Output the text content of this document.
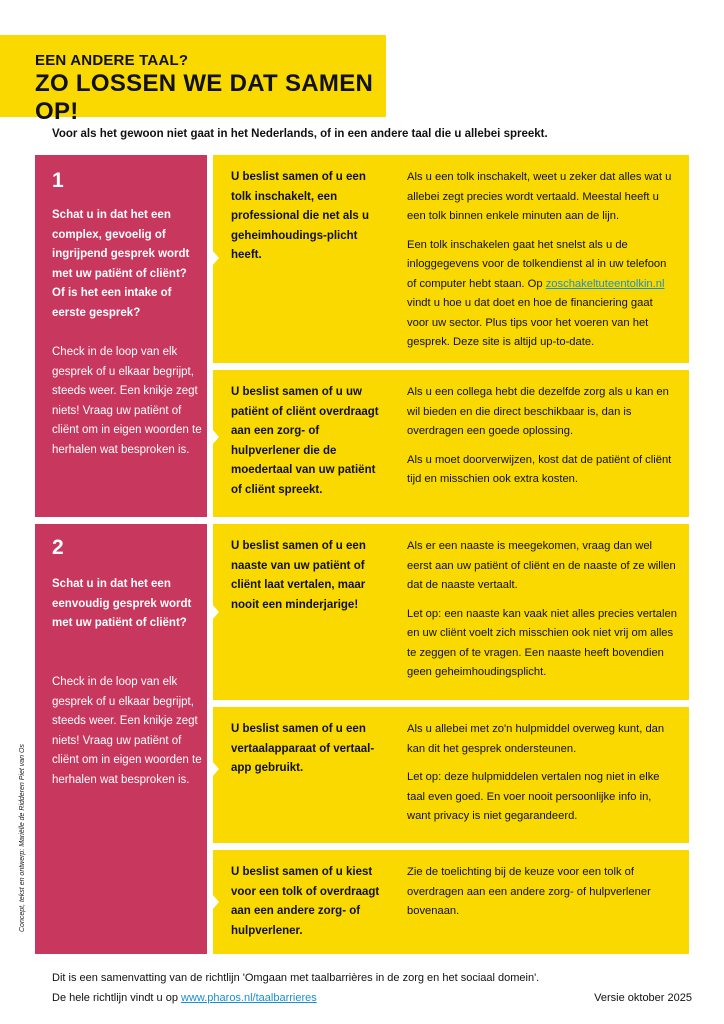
EEN ANDERE TAAL?
ZO LOSSEN WE DAT SAMEN OP!
Voor als het gewoon niet gaat in het Nederlands, of in een andere taal die u allebei spreekt.
1
Schat u in dat het een complex, gevoelig of ingrijpend gesprek wordt met uw patiënt of cliënt? Of is het een intake of eerste gesprek?
Check in de loop van elk gesprek of u elkaar begrijpt, steeds weer. Een knikje zegt niets! Vraag uw patiënt of cliënt om in eigen woorden te herhalen wat besproken is.
U beslist samen of u een tolk inschakelt, een professional die net als u geheimhoudings-plicht heeft.

Als u een tolk inschakelt, weet u zeker dat alles wat u allebei zegt precies wordt vertaald. Meestal heeft u een tolk binnen enkele minuten aan de lijn.

Een tolk inschakelen gaat het snelst als u de inloggegevens voor de tolkendienst al in uw telefoon of computer hebt staan. Op zoschakeltuteentolkin.nl vindt u hoe u dat doet en hoe de financiering gaat voor uw sector. Plus tips voor het voeren van het gesprek. Deze site is altijd up-to-date.

U beslist samen of u uw patiënt of cliënt overdraagt aan een zorg- of hulpverlener die de moedertaal van uw patiënt of cliënt spreekt.

Als u een collega hebt die dezelfde zorg als u kan en wil bieden en die direct beschikbaar is, dan is overdragen een goede oplossing.

Als u moet doorverwijzen, kost dat de patiënt of cliënt tijd en misschien ook extra kosten.

2
Schat u in dat het een eenvoudig gesprek wordt met uw patiënt of cliënt?
Check in de loop van elk gesprek of u elkaar begrijpt, steeds weer. Een knikje zegt niets! Vraag uw patiënt of cliënt om in eigen woorden te herhalen wat besproken is.
U beslist samen of u een naaste van uw patiënt of cliënt laat vertalen, maar nooit een minderjarige!

Als er een naaste is meegekomen, vraag dan wel eerst aan uw patiënt of cliënt en de naaste of ze willen dat de naaste vertaalt.

Let op: een naaste kan vaak niet alles precies vertalen en uw cliënt voelt zich misschien ook niet vrij om alles te zeggen of te vragen. Een naaste heeft bovendien geen geheimhoudingsplicht.

U beslist samen of u een vertaalapparaat of vertaal-app gebruikt.

Als u allebei met zo'n hulpmiddel overweg kunt, dan kan dit het gesprek ondersteunen.

Let op: deze hulpmiddelen vertalen nog niet in elke taal even goed. En voer nooit persoonlijke info in, want privacy is niet gegarandeerd.

U beslist samen of u kiest voor een tolk of overdraagt aan een andere zorg- of hulpverlener.

Zie de toelichting bij de keuze voor een tolk of overdragen aan een andere zorg- of hulpverlener bovenaan.

Concept, tekst en ontwerp: Mariëlle de Ridderen Piet van Os
Dit is een samenvatting van de richtlijn 'Omgaan met taalbarrières in de zorg en het sociaal domein'.
De hele richtlijn vindt u op www.pharos.nl/taalbarrieres	Versie oktober 2025
